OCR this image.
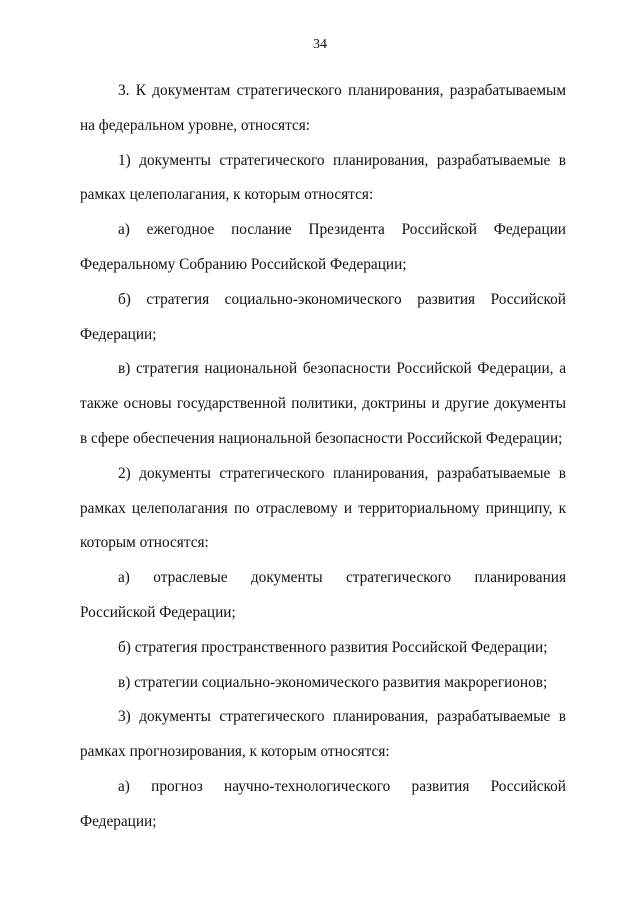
34

3. К документам стратегического планирования, разрабатываемым на федеральном уровне, относятся:

1) документы стратегического планирования, разрабатываемые в рамках целеполагания, к которым относятся:

а) ежегодное послание Президента Российской Федерации Федеральному Собранию Российской Федерации;

б) стратегия социально-экономического развития Российской Федерации;

в) стратегия национальной безопасности Российской Федерации, а также основы государственной политики, доктрины и другие документы в сфере обеспечения национальной безопасности Российской Федерации;

2) документы стратегического планирования, разрабатываемые в рамках целеполагания по отраслевому и территориальному принципу, к которым относятся:

а) отраслевые документы стратегического планирования Российской Федерации;

б) стратегия пространственного развития Российской Федерации;

в) стратегии социально-экономического развития макрорегионов;

3) документы стратегического планирования, разрабатываемые в рамках прогнозирования, к которым относятся:

а) прогноз научно-технологического развития Российской Федерации;
